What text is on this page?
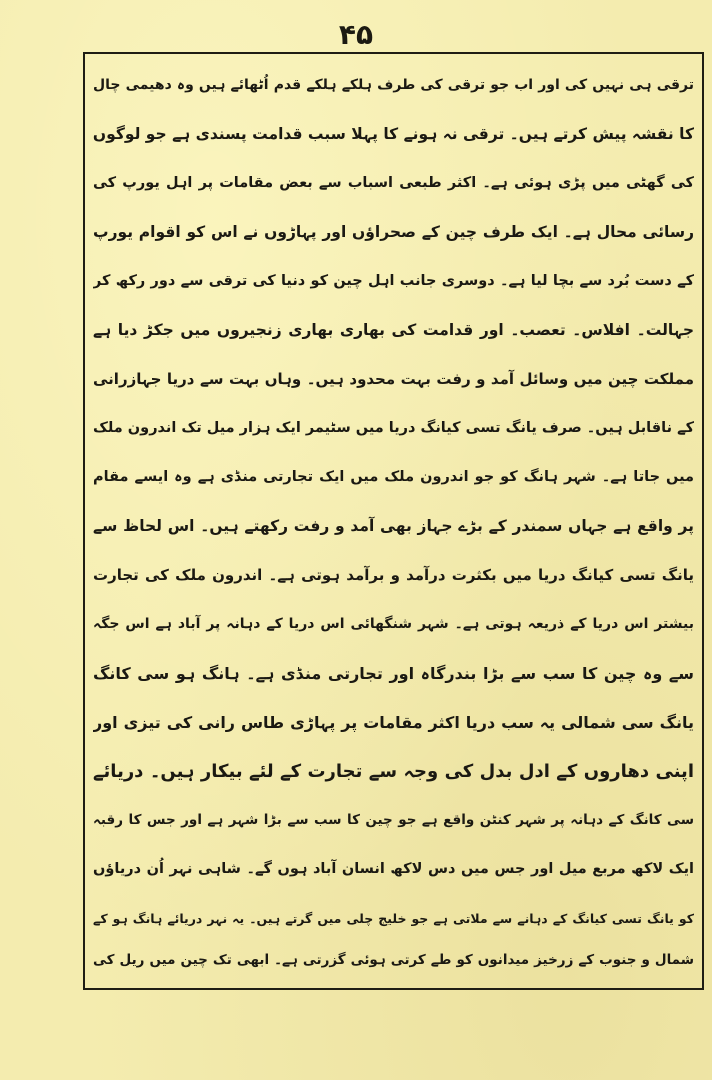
۴۵
ترقی ہی نہیں کی اور اب جو ترقی کی طرف ہلکے ہلکے قدم اُٹھائے ہیں وہ دھیمی چال
کا نقشہ پیش کرتے ہیں۔ ترقی نہ ہونے کا پہلا سبب قدامت پسندی ہے جو لوگوں
کی گھٹی میں پڑی ہوئی ہے۔ اکثر طبعی اسباب سے بعض مقامات پر اہل یورپ کی
رسائی محال ہے۔ ایک طرف چین کے صحراؤں اور پہاڑوں نے اس کو اقوام یورپ
کے دست بُرد سے بچا لیا ہے۔ دوسری جانب اہل چین کو دنیا کی ترقی سے دور رکھ کر
جہالت۔ افلاس۔ تعصب۔ اور قدامت کی بھاری بھاری زنجیروں میں جکڑ دیا ہے
مملکت چین میں وسائل آمد و رفت بہت محدود ہیں۔ وہاں بہت سے دریا جہازرانی
کے ناقابل ہیں۔ صرف یانگ تسی کیانگ دریا میں سٹیمر ایک ہزار میل تک اندرون ملک
میں جاتا ہے۔ شہر ہانگ کو جو اندرون ملک میں ایک تجارتی منڈی ہے وہ ایسے مقام
پر واقع ہے جہاں سمندر کے بڑے جہاز بھی آمد و رفت رکھتے ہیں۔ اس لحاظ سے
یانگ تسی کیانگ دریا میں بکثرت درآمد و برآمد ہوتی ہے۔ اندرون ملک کی تجارت
بیشتر اس دریا کے ذریعہ ہوتی ہے۔ شہر شنگھائی اس دریا کے دہانہ پر آباد ہے اس جگہ
سے وہ چین کا سب سے بڑا بندرگاہ اور تجارتی منڈی ہے۔ ہانگ ہو سی کانگ
یانگ سی شمالی یہ سب دریا اکثر مقامات پر پہاڑی طاس رانی کی تیزی اور
اپنی دھاروں کے ادل بدل کی وجہ سے تجارت کے لئے بیکار ہیں۔ دریائے
سی کانگ کے دہانہ پر شہر کنٹن واقع ہے جو چین کا سب سے بڑا شہر ہے اور جس کا رقبہ
ایک لاکھ مربع میل اور جس میں دس لاکھ انسان آباد ہوں گے۔ شاہی نہر اُن دریاؤں
کو یانگ تسی کیانگ کے دہانے سے ملاتی ہے جو خلیج چلی میں گرتے ہیں۔ یہ نہر دریائے ہانگ ہو کے
شمال و جنوب کے زرخیز میدانوں کو طے کرتی ہوئی گزرتی ہے۔ ابھی تک چین میں ریل کی
